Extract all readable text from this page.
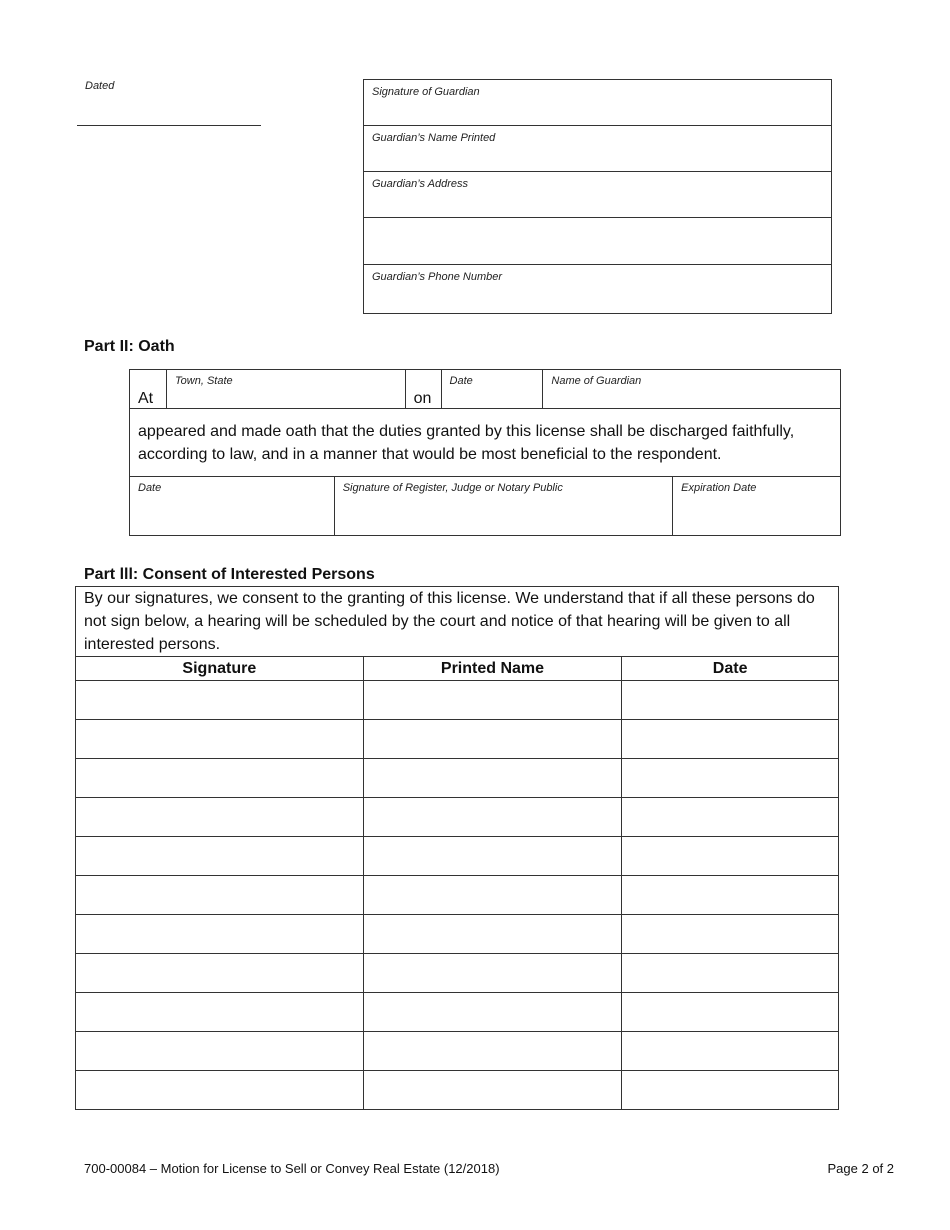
Dated	Signature of Guardian
Guardian’s Name Printed
Guardian’s Address
Guardian’s Phone Number
Part II: Oath
At	Town, State		on	Date	Name of Guardian	

appeared and made oath that the duties granted by this license shall be discharged faithfully, according to law, and in a manner that would be most beneficial to the respondent.						

Date		Signature of Register, Judge or Notary Public				Expiration Date
Part lll: Consent of Interested Persons
By our signatures, we consent to the granting of this license. We understand that if all these persons do not sign below, a hearing will be scheduled by the court and notice of that hearing will be given to all interested persons.		
Signature	Printed Name	Date

700-00084 – Motion for License to Sell or Convey Real Estate (12/2018)	Page 2 of 2
